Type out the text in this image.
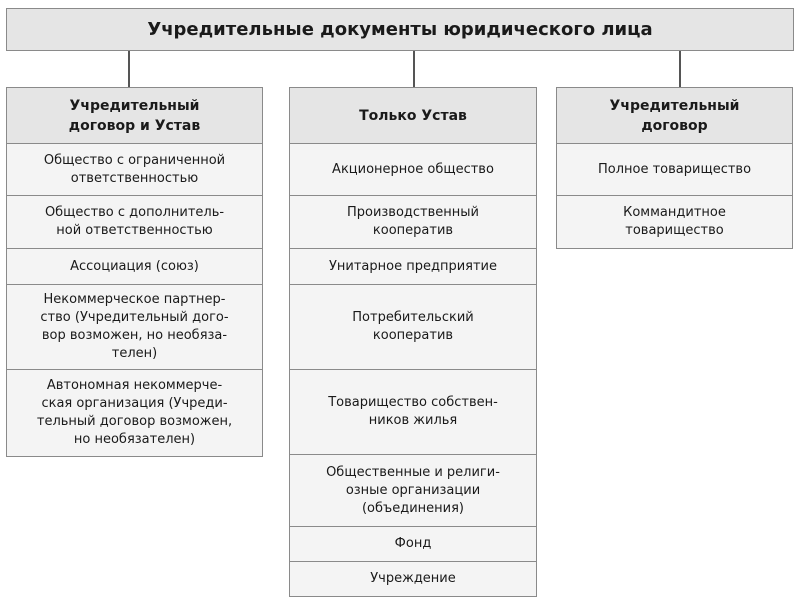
Учредительные документы юридического лица
Учредительный
договор и Устав
Общество с ограниченной
ответственностью
Общество с дополнитель-
ной ответственностью
Ассоциация (союз)
Некоммерческое партнер-
ство (Учредительный дого-
вор возможен, но необяза-
телен)
Автономная некоммерче-
ская организация (Учреди-
тельный договор возможен,
но необязателен)
Только Устав
Акционерное общество
Производственный
кооператив
Унитарное предприятие
Потребительский
кооператив
Товарищество собствен-
ников жилья
Общественные и религи-
озные организации
(объединения)
Фонд
Учреждение
Учредительный
договор
Полное товарищество
Коммандитное
товарищество
